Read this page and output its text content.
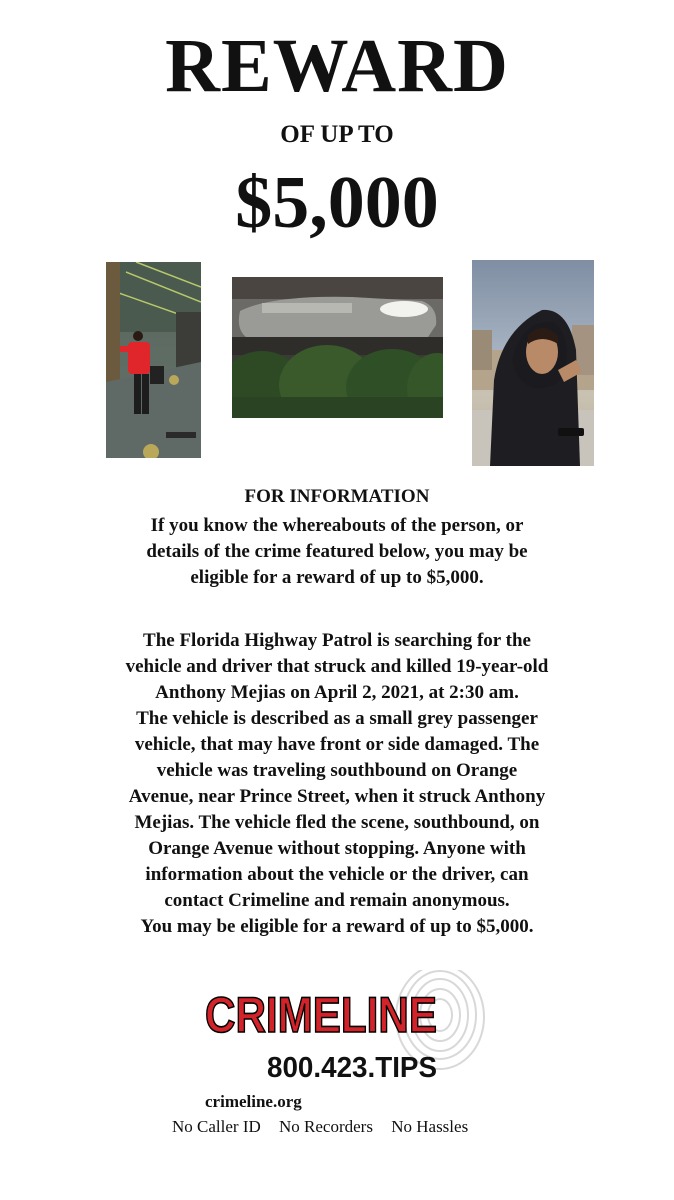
REWARD
OF UP TO
$5,000
FOR INFORMATION
If you know the whereabouts of the person, or
details of the crime featured below, you may be
eligible for a reward of up to $5,000.
The Florida Highway Patrol is searching for the
vehicle and driver that struck and killed 19-year-old
Anthony Mejias on April 2, 2021, at 2:30 am.
The vehicle is described as a small grey passenger
vehicle, that may have front or side damaged. The
vehicle was traveling southbound on Orange
Avenue, near Prince Street, when it struck Anthony
Mejias. The vehicle fled the scene, southbound, on
Orange Avenue without stopping. Anyone with
information about the vehicle or the driver, can
contact Crimeline and remain anonymous.
You may be eligible for a reward of up to $5,000.
CRIMELINE
800.423.TIPS
crimeline.org
No Caller ID No Recorders No Hassles
